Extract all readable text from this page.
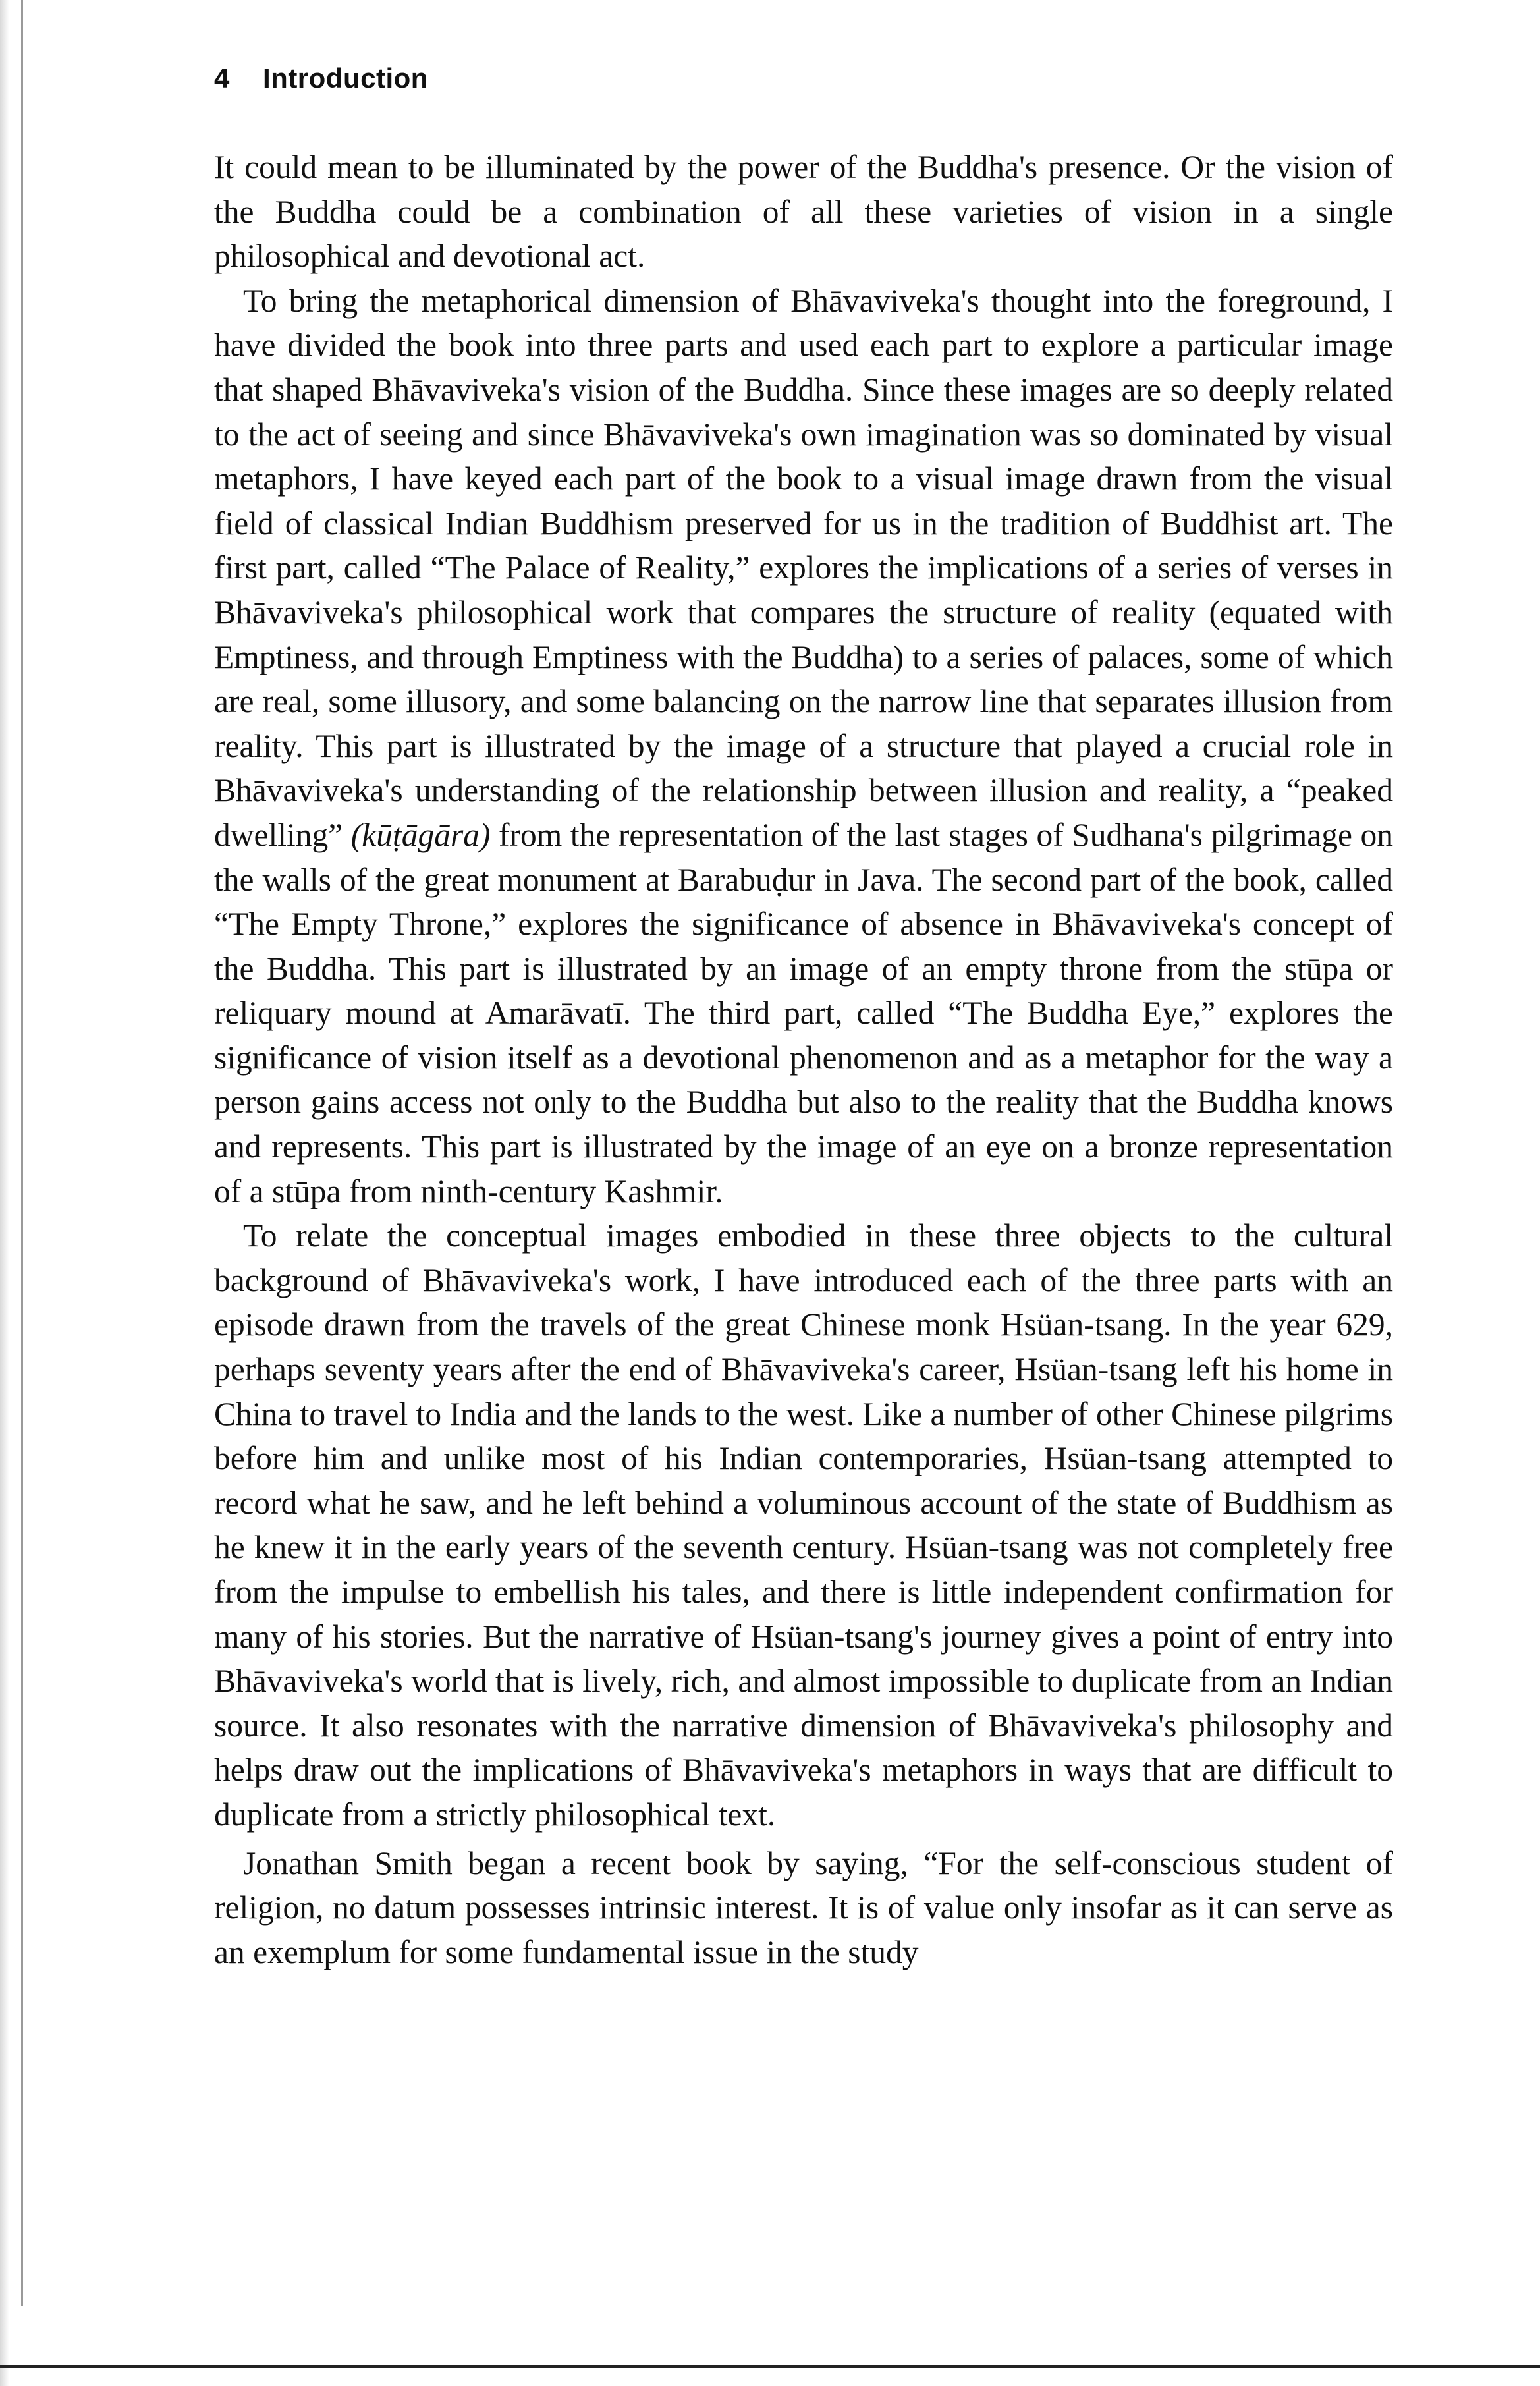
4 Introduction

It could mean to be illuminated by the power of the Buddha's presence. Or the vision of the Buddha could be a combination of all these varieties of vision in a single philosophical and devotional act.

To bring the metaphorical dimension of Bhāvaviveka's thought into the foreground, I have divided the book into three parts and used each part to explore a particular image that shaped Bhāvaviveka's vision of the Buddha. Since these images are so deeply related to the act of seeing and since Bhāvaviveka's own imagination was so dominated by visual metaphors, I have keyed each part of the book to a visual image drawn from the visual field of classical Indian Buddhism preserved for us in the tradition of Buddhist art. The first part, called “The Palace of Reality,” explores the implications of a series of verses in Bhāvaviveka's philosophical work that compares the structure of reality (equated with Emptiness, and through Emptiness with the Buddha) to a series of palaces, some of which are real, some illusory, and some balancing on the narrow line that separates illusion from reality. This part is illustrated by the image of a structure that played a crucial role in Bhāvaviveka's understanding of the relationship between illusion and reality, a “peaked dwelling” (kūṭāgāra) from the representation of the last stages of Sudhana's pilgrimage on the walls of the great monument at Barabuḍur in Java. The second part of the book, called “The Empty Throne,” explores the significance of absence in Bhāvaviveka's concept of the Buddha. This part is illustrated by an image of an empty throne from the stūpa or reliquary mound at Amarāvatī. The third part, called “The Buddha Eye,” explores the significance of vision itself as a devotional phenomenon and as a metaphor for the way a person gains access not only to the Buddha but also to the reality that the Buddha knows and represents. This part is illustrated by the image of an eye on a bronze representation of a stūpa from ninth-century Kashmir.

To relate the conceptual images embodied in these three objects to the cultural background of Bhāvaviveka's work, I have introduced each of the three parts with an episode drawn from the travels of the great Chinese monk Hsüan-tsang. In the year 629, perhaps seventy years after the end of Bhāvaviveka's career, Hsüan-tsang left his home in China to travel to India and the lands to the west. Like a number of other Chinese pilgrims before him and unlike most of his Indian contemporaries, Hsüan-tsang attempted to record what he saw, and he left behind a voluminous account of the state of Buddhism as he knew it in the early years of the seventh century. Hsüan-tsang was not completely free from the impulse to embellish his tales, and there is little independent confirmation for many of his stories. But the narrative of Hsüan-tsang's journey gives a point of entry into Bhāvaviveka's world that is lively, rich, and almost impossible to duplicate from an Indian source. It also resonates with the narrative dimension of Bhāvaviveka's philosophy and helps draw out the implications of Bhāvaviveka's metaphors in ways that are difficult to duplicate from a strictly philosophical text.

Jonathan Smith began a recent book by saying, “For the self-conscious student of religion, no datum possesses intrinsic interest. It is of value only insofar as it can serve as an exemplum for some fundamental issue in the study
